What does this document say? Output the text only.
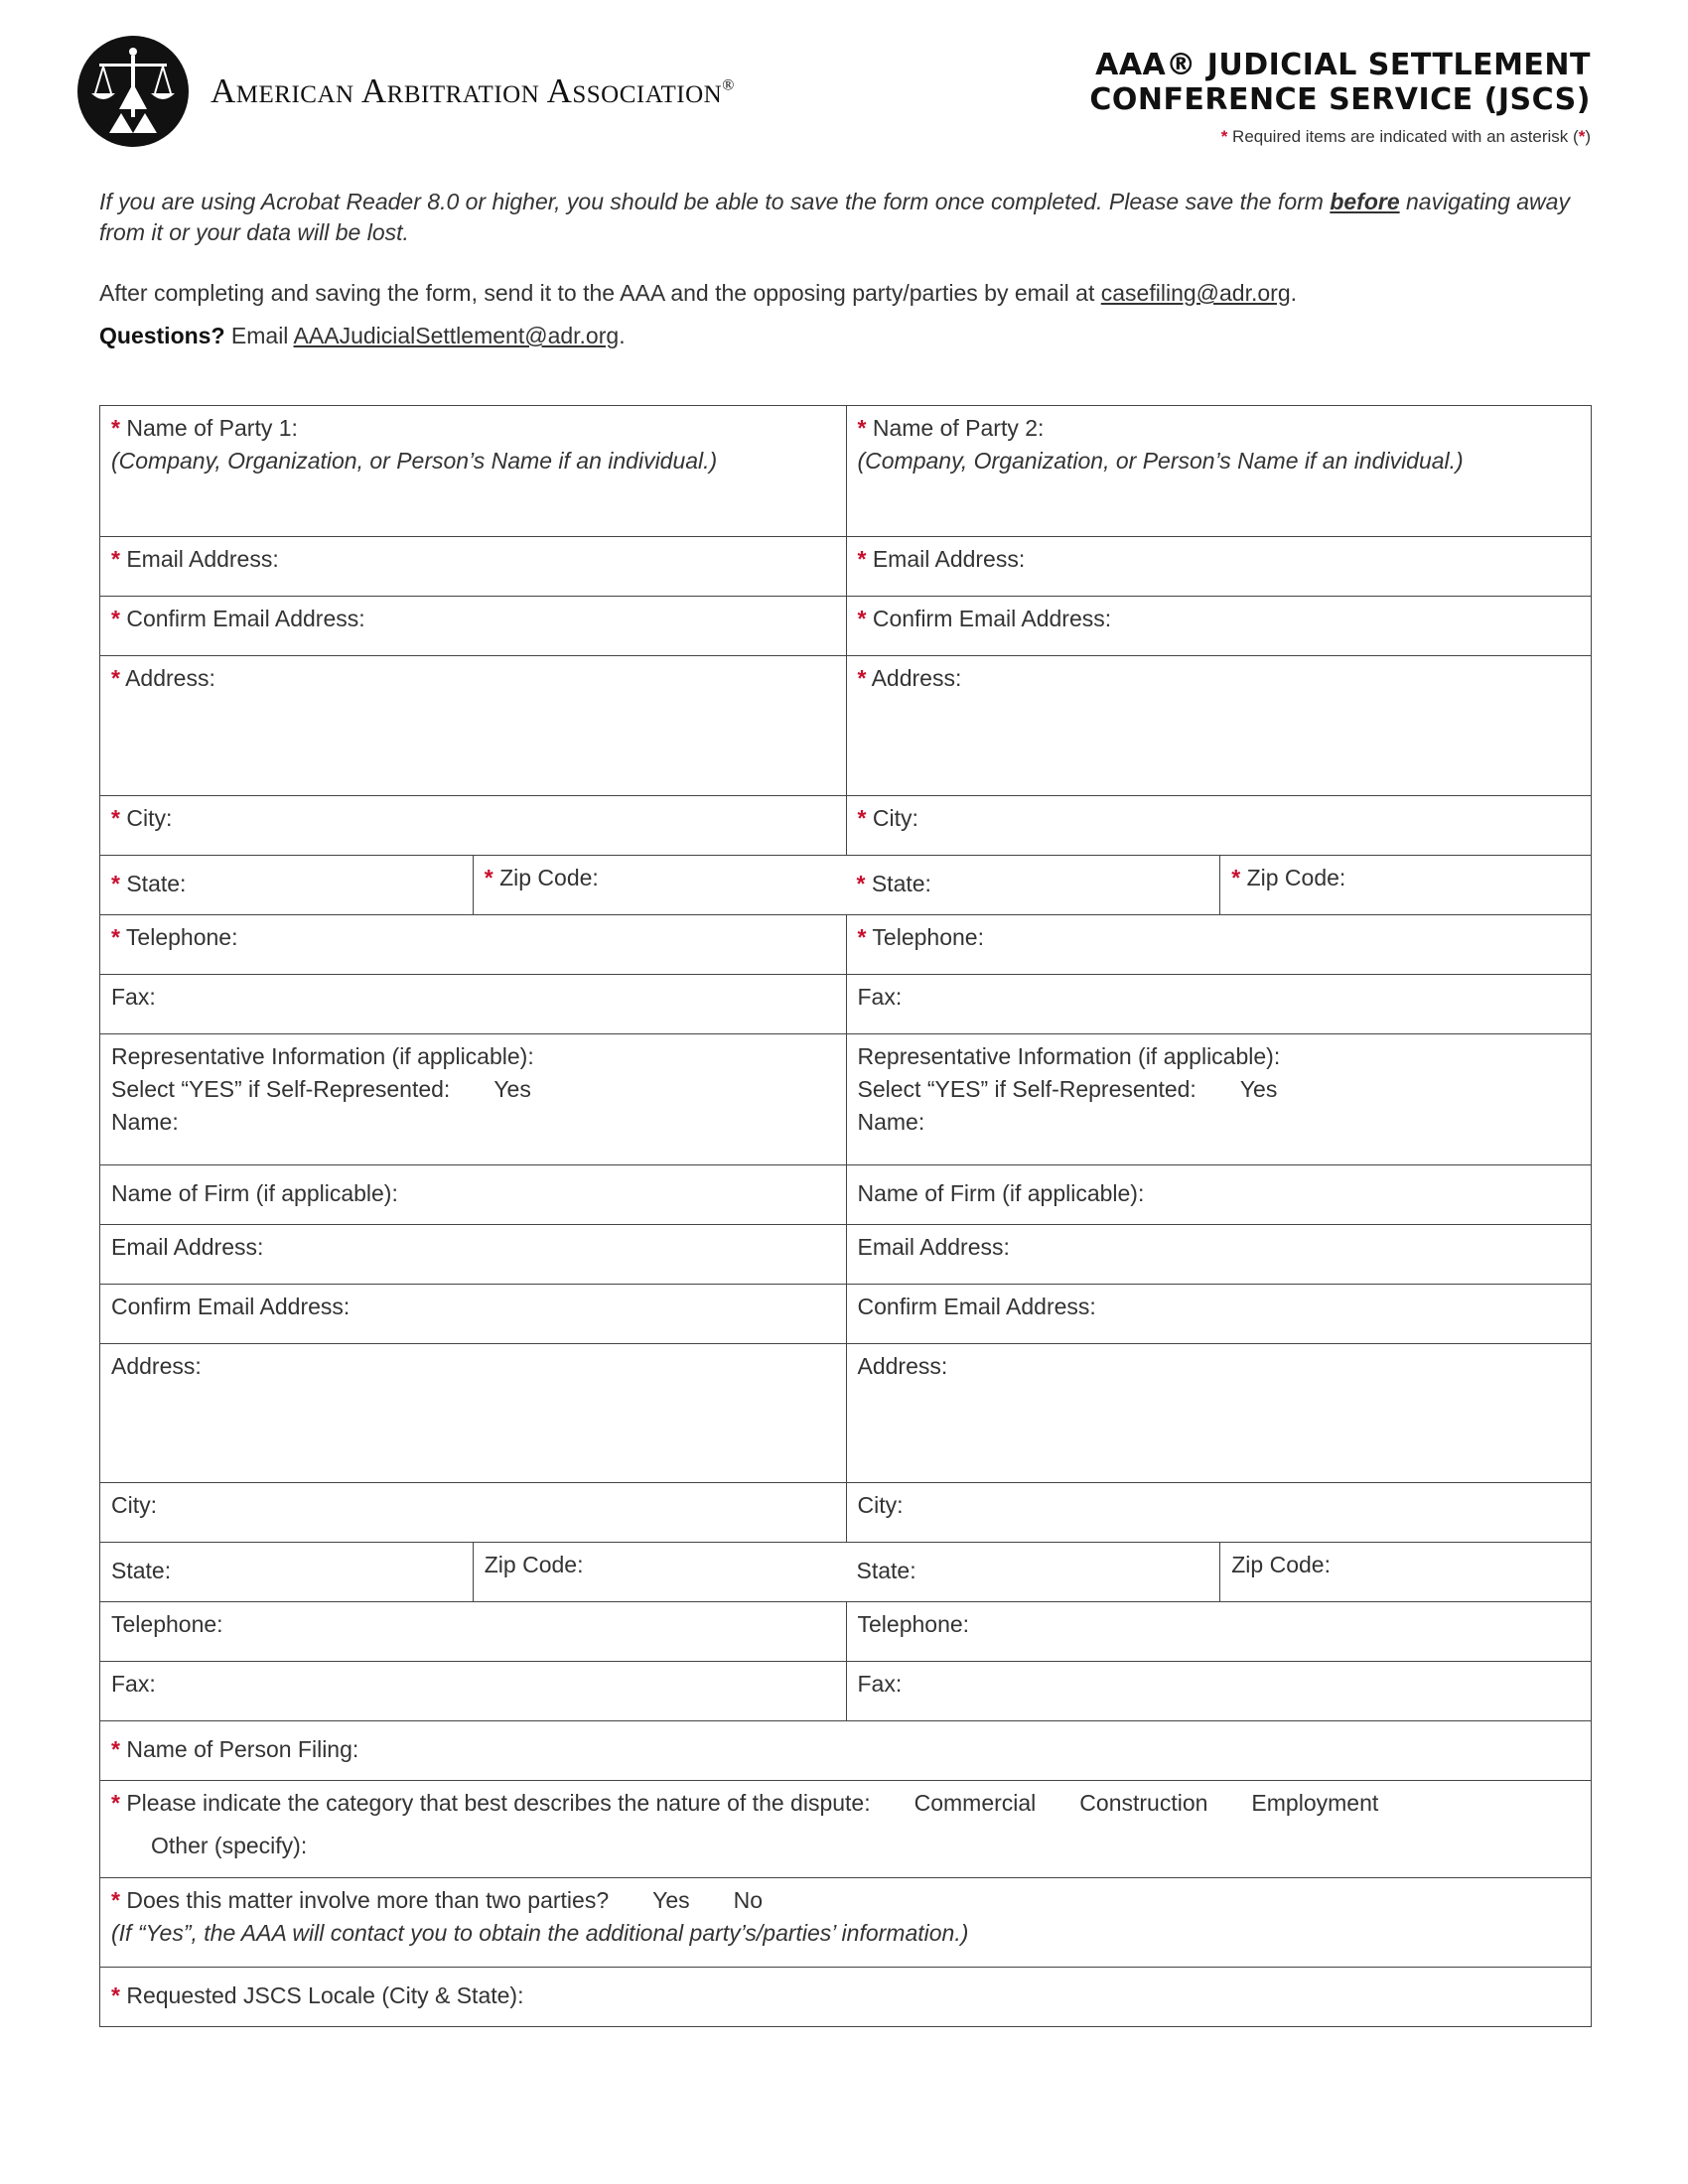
American Arbitration Association®
AAA® JUDICIAL SETTLEMENT
CONFERENCE SERVICE (JSCS)
* Required items are indicated with an asterisk (*)

If you are using Acrobat Reader 8.0 or higher, you should be able to save the form once completed. Please save the form before navigating away from it or your data will be lost.

After completing and saving the form, send it to the AAA and the opposing party/parties by email at casefiling@adr.org.

Questions? Email AAAJudicialSettlement@adr.org.

* Name of Party 1:
(Company, Organization, or Person’s Name if an individual.)
* Name of Party 2:
(Company, Organization, or Person’s Name if an individual.)
* Email Address:	* Email Address:
* Confirm Email Address:	* Confirm Email Address:
* Address:	* Address:
* City:	* City:
* State:	* Zip Code:	* State:	* Zip Code:
* Telephone:	* Telephone:
Fax:	Fax:
Representative Information (if applicable):
Select “YES” if Self-Represented: Yes
Name:
Representative Information (if applicable):
Select “YES” if Self-Represented: Yes
Name:
Name of Firm (if applicable):	Name of Firm (if applicable):
Email Address:	Email Address:
Confirm Email Address:	Confirm Email Address:
Address:	Address:
City:	City:
State:	Zip Code:	State:	Zip Code:
Telephone:	Telephone:
Fax:	Fax:
* Name of Person Filing:
* Please indicate the category that best describes the nature of the dispute: Commercial Construction Employment
Other (specify):
* Does this matter involve more than two parties? Yes No
(If “Yes”, the AAA will contact you to obtain the additional party’s/parties’ information.)
* Requested JSCS Locale (City & State):
